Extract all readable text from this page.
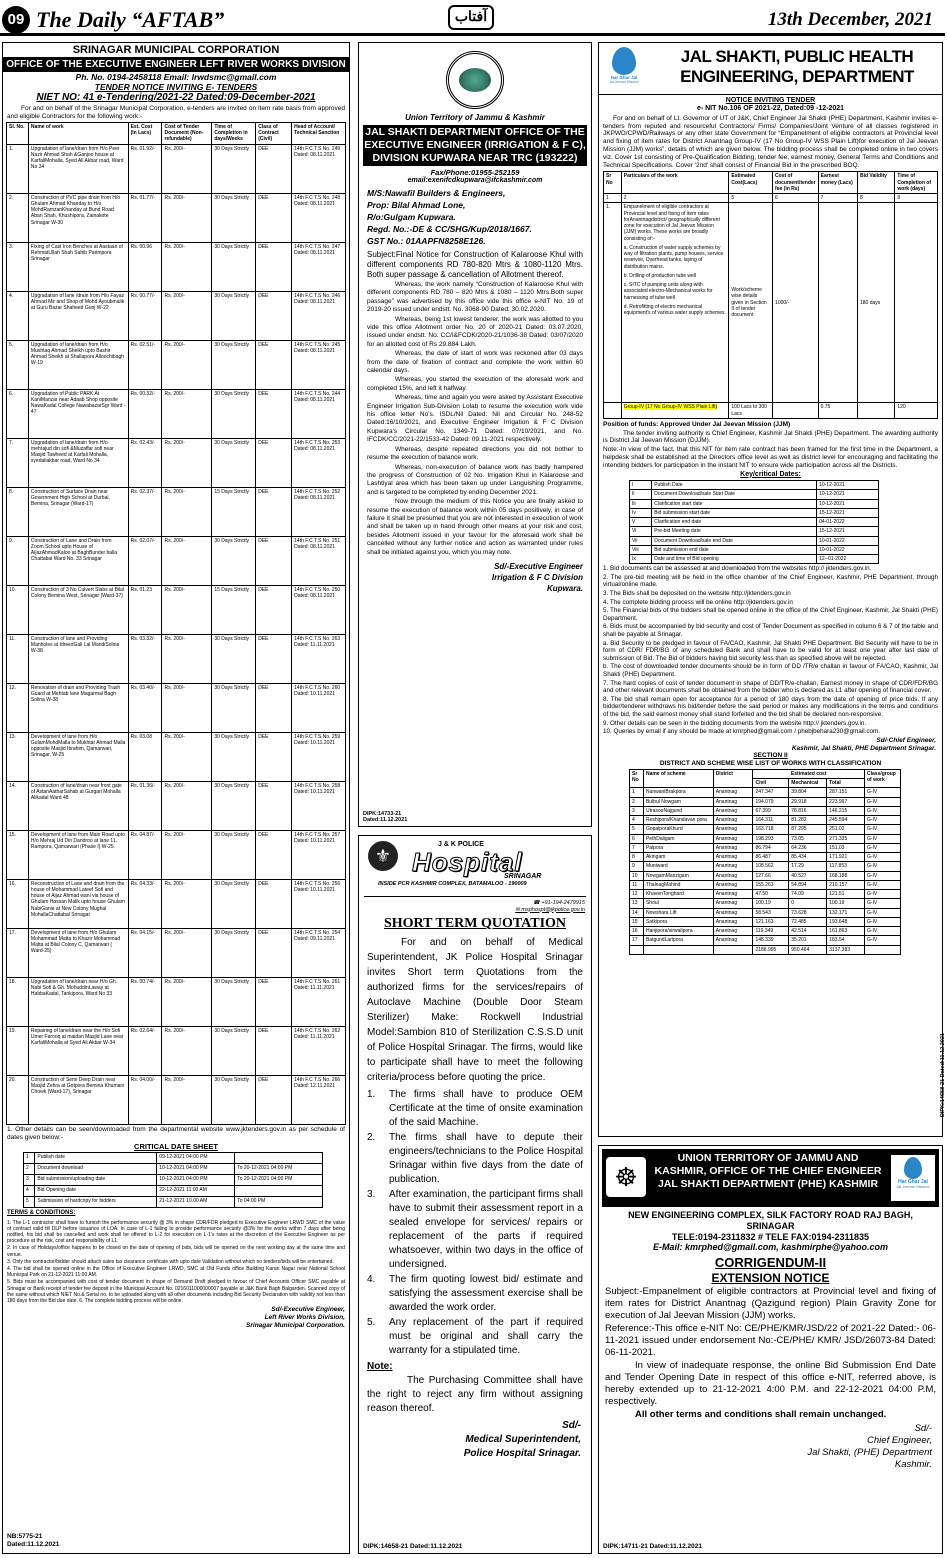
09 The Daily “AFTAB”	آفتاب	13th December, 2021
SRINAGAR MUNICIPAL CORPORATION
OFFICE OF THE EXECUTIVE ENGINEER LEFT RIVER WORKS DIVISION
Ph. No. 0194-2458118 Email: lrwdsmc@gmail.com
TENDER NOTICE INVITING E- TENDERS
NIET NO: 41 e-Tendering/2021-22 Dated:09-December-2021

For and on behalf of the Srinagar Municipal Corporation, e-tenders are invited on item rate basis from approved and eligible Contractors for the following work:-

Sl. No.	Name of work	Est. Cost (In Lacs)	Cost of Tender Document (Non-refundable)	Time of Completion in days/Weeks	Class of Contract (Civil)	Head of Account/ Technical Sanction
1.	Upgradation of lane/drain from H/o Peer Nazir Ahmad Shah &Ganjoo house at KarfaliMohalla, Syed Ali Akbar road, Ward No 34	Rs. 01.92/-	Rs. 200/-	30 Days Strictly	DEE	14th F.C T.S No. 249 Dated: 08.11.2021
2.	Construction of PVC pipe drain from H/o Ghulam Ahmad Khanday to H/o MohdRamzanKhanday at Bund Road Aban Shah, Khushipora, Zainakote Srinagar W-30	Rs. 01.77/-	Rs. 200/-	30 Days Strictly	DEE	14th F.C T.S No. 248 Dated: 08.11.2021
3.	Fixing of Cast Iron Benches at Aastaan of RehmatUllah Shah Sahib Parimpora Srinagar	Rs. 00.96	Rs. 200/-	30 Days Strictly	DEE	14th F.C T.S No. 247 Dated: 08.11.2021
4.	Upgradation of lane /drain from H/o Fayaz Ahmad Mir and Shop of Mohd Ayoubmalik at Guru Bazar Shaheed Gunj W-22	Rs. 00.77/-	Rs. 200/-	30 Days Strictly	DEE	14th F.C T.S No. 246 Dated: 08.11.2021
5.	Upgradation of lane/drain from H/o Mushtaq Ahmad Sheikh upto Bashir Ahmad Sheikh at Shallapora Alloochibagh W-19	Rs. 02.51/-	Rs. 200/-	30 Days Strictly	DEE	14th F.C T.S No. 245 Dated: 08.11.2021
6.	Upgradation of Public PARK At KaniManzar near Adaab Shop opposite NawaKadal College NawabazarSgr Ward - 47	Rs. 00.32/-	Rs. 200/-	30 Days Strictly	DEE	14th F.C T.S No. 244 Dated: 08.11.2021
7.	Upgradation of lane/drain from H/o mehrajud din sofi &Muzaffar sofi near Masjid Tawheed at Karfali Mohalla, syedaliakbar road, Ward No 34	Rs. 02.43/-	Rs. 200/-	30 Days Strictly	DEE	14th F.C T.S No. 253 Dated: 08.11.2021
8.	Construction of Surface Drain near Government High School at Durbal, Bemina, Srinagar (Ward-17)	Rs. 02.37/-	Rs. 200/-	15 Days Strictly	DEE	14th F.C T.S No. 252 Dated: 08.11.2021
9.	Construction of Lane and Drain from Zoom School upto House of AijazAhmadKaloo at BaghBunder balla Chattabal Ward No. 33 Srinagar	Rs. 02.07/-	Rs. 200/-	30 Days Strictly	DEE	14th F.C T.S No. 251 Dated: 08.11.2021
10.	Construction of 3 No Culvert Slabs at Bilal Colony Bemina West, Srinagar (Ward-37)	Rs. 01.23	Rs. 200/-	15 Days Strictly	DEE	14th F.C T.S No. 250 Dated: 08.11.2021
11.	Construction of lane and Providing Manholes at IdreesGali Lal MandiSolina W-38	Rs. 03.32/-	Rs. 200/-	30 Days Strictly	DEE	14th F.C T.S No. 263 Dated: 11.11.2021
12.	Renovation of drain and Providing Trash Guard at Mehtab lane Magarmal Bagh Solina W-38	Rs. 03.40/-	Rs. 200/-	30 Days Strictly	DEE	14th F.C T.S No. 260 Dated: 10.11.2021
13.	Development of lane from H/o GulamMohdMalla to Mukhtar Ahmad Malla opposite Masjid Ibrahim, Qamarwari, Srinagar, W-25	Rs. 03.08	Rs. 200/-	30 Days Strictly	DEE	14th F.C T.S No. 259 Dated: 10.11.2021
14.	Construction of lane/drain near front gate of AstanAatharSahab at Gurgari Mohalla Alikadal Ward 48	Rs. 01.36/-	Rs. 200/-	30 Days Strictly	DEE	14th F.C T.S No. 258 Dated: 10.11.2021
15.	Development of lane from Main Road upto H/o Mehraj Ud Din Dandroo at lane 11, Rampora, Qamarwari (Phase I) W-25.	Rs. 04.87/-	Rs. 200/-	30 Days Strictly	DEE	14th F.C T.S No. 257 Dated: 10.11.2021
16.	Reconstruction of Lane and drain from the house of Mohammad Lateef Sofi and house of Aijaz Ahmad wani via house of Ghulam Hassan Malik upto house Ghulam NabiGanie at New Colony Mughal MohallaChattabal Srinagar	Rs. 04.33/-	Rs. 200/-	30 Days Strictly	DEE	14th F.C T.S No. 256 Dated: 10.11.2021
17.	Development of lane from H/o Ghulam Mohammad Matta to Khazir Mohammad Matta at Bilal Colony C, Qamarwari ( Ward-25)	Rs. 04.15/-	Rs. 200/-	30 Days Strictly	DEE	14th F.C T.S No. 254 Dated: 09.11.2021
18.	Upgradation of lane/drain near H/o Gh. Nabi Sofi & Gh. MohuddinLaway at HabbaKadal, Tankipora, Ward No 33	Rs. 00.74/-	Rs. 200/-	30 Days Strictly	DEE	14th F.C T.S No. 261 Dated: 11.11.2021
19.	Repairing of lane/drain near the H/o Sofi Umer Farooq at maidan Masjid Lane near KarfaliMohalla at Syed Ali Akbar W-34	Rs. 02.64/-	Rs. 200/-	30 Days Strictly	DEE	14th F.C T.S No. 262 Dated: 11.11.2021
20.	Construction of Semi Deep Drain near Masjid Zehra at Gotpora Bemina Khumani Chowk (Ward-17), Srinagar	Rs. 04.00/-	Rs. 200/-	30 Days Strictly	DEE	14th F.C T.S No. 266 Dated: 12.11.2021

1. Other details can be seen/downloaded from the departmental website www.jktenders.gov.in as per schedule of dates given below:-

CRITICAL DATE SHEET
1	Publish date	09-12-2021 04:00 PM	
2	Document download	10-12-2021 04:00 PM	To 20-12-2021 04:00 PM
3	Bid submission/uploading date	10-12-2021 04:00 PM	To 20-12-2021 04:00 PM
4	Bid Opening date	22-12-2021 11:00 AM	
5	Submission of hardcopy for bidders	21-12-2021 10.00 AM	To 04:00 PM
TERMS & CONDITIONS:

1. The L-1 contractor shall have to furnish the performance security @ 3% in shape CDR/FDR pledged to Executive Engineer LRWD SMC of the value of contract valid till DLP before issuance of LOA. In case of L-1 failing to provide performance security @3% for the works within 7 days after being notified, his bid shall be cancelled and work shall be offered to L-2 for execution on L-1's rates at the discretion of the Executive Engineer as per procedure at the risk, cost and responsibility of L1.

2. In case of Holidays/office happens to be closed on the date of opening of bids, bids will be opened on the next working day at the same time and venue.

3. Only the contractor/bidder should attach sales tax clearance certificate with upto date Validation without which no tenders/bids will be entertained.

4. The bid shall be opened online in the Office of Executive Engineer LRWD, SMC at Old Funds office Building Karan Nagar near National School Municipal Park on 21-12-2021 11:00 AM.

5. Bids must be accompanied with cost of tender document in shape of Demand Draft pledged in favour of Chief Accounts Officer SMC payable at Srinagar or Bank receipt of tender fee deposit in the Municipal Account No. 0216011000000007 payable at J&K Bank Bagh Balgarden. Scanned copy of the same without which NIET No.& Serial no. to be uploaded along with all other documents including Bid Security Declaration with validity not less than 180 days from the Bid due date. 6. The complete bidding process will be online.

Sd/-Executive Engineer,
Left River Works Division,
Srinagar Municipal Corporation.
NB:5775-21
Dated:11.12.2021
Union Territory of Jammu & Kashmir
JAL SHAKTI DEPARTMENT OFFICE OF THE EXECUTIVE ENGINEER (IRRIGATION & F C), DIVISION KUPWARA NEAR TRC (193222)
Fax/Phone:01955-252159
email:exenifcdkupwara@ifckashmir.com
M/S:Nawafil Builders & Engineers,
Prop: Bilal Ahmad Lone,
R/o:Gulgam Kupwara.
Regd. No.:-DE & CC/SHG/Kup/2018/1667.
GST No.: 01AAPFN8258E126.

Subject:Final Notice for Construction of Kalaroose Khul with different components RD 780-820 Mtrs & 1080-1120 Mtrs. Both super passage & cancellation of Allotment thereof.

Whereas, the work namely “Construction of Kalaroose Khul with different components RD 780 – 820 Mtrs & 1080 – 1120 Mtrs.Both super passage” was advertised by this office vide this office e-NIT No. 19 of 2019-20 issued under endstt. No. 3068-90 Dated: 30.02.2020.

Whereas, being 1st lowest tenderer, the work was allotted to you vide this office Allotment order No. 20 of 2020-21 Dated: 03.07.2020, issued under endstt. No. CC/I&FCDK/2020-21/1036-38 Dated: 03/07/2020 for an allotted cost of Rs 29.884 Lakh.

Whereas, the date of start of work was reckoned after 03 days from the date of fixation of contract and complete the work within 60 calendar days.

Whereas, you started the execution of the aforesaid work and completed 15%, and left it halfway.

Whereas, time and again you were asked by Assistant Executive Engineer Irrigation Sub-Division Lolab to resume the execution work vide his office letter No's. ISDL/Nil Dated: Nil and Circular No. 248-52 Dated:16/10/2021, and Executive Engineer Irrigation & F C Division Kupwara's Circular No. 1349-71 Dated: 07/10/2021, and No. IFCDK/CC/2021-22/1533-42 Dated: 09.11-2021 respectively.

Whereas, despite repeated directions you did not bother to resume the execution of balance work.

Whereas, non-execution of balance work has badly hampered the progress of Construction of 02 No. Irrigation Khul in Kalaroose and Lashtiyal area which has been taken up under Languishing Programme, and is targeted to be completed by ending December 2021.

Now through the medium of this Notice you are finally asked to resume the execution of balance work within 05 days positively, in case of failure it shall be presumed that you are not interested in execution of work and shall be taken up in hand through other means at your risk and cost, besides Allotment issued in your favour for the aforesaid work shall be cancelled without any further notice and action as warranted under rules shall be initiated against you, which you may note.

Sd/-Executive Engineer
Irrigation & F C Division
Kupwara.
DIPK:14733-21
Dated:11.12.2021
⚜
J & K POLICE
Hospital
SRINAGAR
INSIDE PCR KASHMIR COMPLEX, BATAMALOO - 190009
☎ +91-194-2479915
✉ msphospt@jkpolice.gov.in
SHORT TERM QUOTATION

For and on behalf of Medical Superintendent, JK Police Hospital Srinagar invites Short term Quotations from the authorized firms for the services/repairs of Autoclave Machine (Double Door Steam Sterilizer) Make: Rockwell Industrial Model:Sambion 810 of Sterilization C.S.S.D unit of Police Hospital Srinagar. The firms, would like to participate shall have to meet the following criteria/process before quoting the price.

1.	The firms shall have to produce OEM Certificate at the time of onsite examination of the said Machine.
2.	The firms shall have to depute their engineers/technicians to the Police Hospital Srinagar within five days from the date of publication.
3.	After examination, the participant firms shall have to submit their assessment report in a sealed envelope for services/ repairs or replacement of the parts if required whatsoever, within two days in the office of undersigned.
4.	The firm quoting lowest bid/ estimate and satisfying the assessment exercise shall be awarded the work order.
5.	Any replacement of the part if required must be original and shall carry the warranty for a stipulated time.
Note:

The Purchasing Committee shall have the right to reject any firm without assigning reason thereof.

Sd/-
Medical Superintendent,
Police Hospital Srinagar.
DIPK:14658-21 Dated:11.12.2021
Har Ghar Jal
Jal Jeevan Mission
JAL SHAKTI, PUBLIC HEALTH ENGINEERING, DEPARTMENT
NOTICE INVITING TENDER
e- NIT No.106 OF 2021-22, Dated:09 -12-2021

For and on behalf of Lt. Governor of UT of J&K, Chief Engineer Jal Shakti (PHE) Department, Kashmir invites e-tenders from reputed and resourceful Contractors/ Firms/ Companies/Joint Venture of all classes registered in JKPWD/CPWD/Railways or any other state Government for “Empanelment of eligible contractors at Provincial level and fixing of item rates for District Anantnag Group-IV (17 No Group-IV WSS Plain Lift)for execution of Jal Jeevan Mission (JJM) works”, details of which are given below. The bidding process shall be completed online in two covers viz. Cover 1st consisting of Pre-Qualification Bidding, tender fee, earnest money, General Terms and Conditions and Technical Specifications. Cover '2nd' shall consist of Financial Bid in the prescribed BOQ.

Sr No	Particulars of the work	Estimated Cost(Lacs)	Cost of document/tender fee (in Rs)	Earnest money (Lacs)	Bid Validity	Time of Completion of work (days)
1	2	5	6	7	8	9
1.	Empanelment of eligible contractors at Provincial level and fixing of item rates forAnantnagdistrict/ geographically different zone for execution of Jal Jeevan Mission (JJM) works. These works are broadly consisting of:-
a. Construction of water supply schemes by way of filtration plants, pump houses, service reservoir, Overhead tanks, laying of distribution mains.
b. Drilling of production tube well
c. SITC of pumping units along-with associated electro-Mechanical works for harnessing of tube well
d. Retrofitting of electro mechanical equipment's of various water supply schemes.	Work/scheme wise details given in Section II of tender document	1000/-		180 days	
	Group-IV (17 No Group-IV WSS Plain Lift)	100 Lacs to 300 Lacs		0.75		120

Position of funds: Approved Under Jal Jeevan Mission (JJM)

The tender inviting authority is Chief Engineer, Kashmir Jal Shakti (PHE) Department. The awarding authority is District Jal Jeevan Mission (DJJM).

Note:-In view of the fact, that this NIT for item rate contract has been framed for the first time in the Department, a helpdesk shall be established at the Directors office level as well as district level for encouraging and facilitating the intending bidders for participation in the instant NIT to ensure wide participation across all the Districts.

Key/critical Dates:
I	Publish Date	10-12-2021
Ii	Document Download/sale Start Date	10-12-2021
Iii	Clarification start date	10-12-2021
Iv	Bid submission start date	15-12-2021
V	Clarification end date	04-01-2022
Vi	Pre-bid Meeting date	15-12-2021
Vii	Document Download/sale end Date	10-01-2022
Viii	Bid submission end date	10-01-2022
Ix	Date and time of Bid opening	12--01-2022

1. Bid documents can be assessed at and downloaded from the websites http:// jktenders.gov.in.

2. The pre-bid meeting will be held in the office chamber of the Chief Engineer, Kashmir, PHE Department, through virtual/online made.

3. The Bids shall be deposited on the website http://jktenders.gov.in

4. The complete bidding process will be online http://jktenders.gov.in

5. The Financial bids of the bidders shall be opened online in the office of the Chief Engineer, Kashmir, Jal Shakti (PHE) Department.

6. Bids must be accompanied by bid security and cost of Tender Document as specified in column 6 & 7 of the table and shall be payable at Srinagar.

a. Bid Security to be pledged in favour of FA/CAO, Kashmir, Jal Shakti PHE Department. Bid Security will have to be in form of CDR/ FDR/BG of any scheduled Bank and shall have to be valid for at least one year after last date of submission of Bid. The Bid of bidders having bid security less than as specified above will be rejected.

b. The cost of downloaded tender documents should be in form of DD /TR/e challan in favour of FA/CAO, Kashmir, Jal Shakti (PHE) Department.

7. The hard copies of cost of tender document in shape of DD/TR/e-challan, Earnest money in shape of CDR/FDR/BG and other relevant documents shall be obtained from the bidder who is declared as L1 after opening of financial cover.

8. The bid shall remain open for acceptance for a period of 180 days from the date of opening of price bids. If any bidder/tenderer withdraws his bid/tender before the said period or makes any modifications in the terms and conditions of the bid, the said earnest money shall stand forfeited and the bid shall be declared non-responsive.

9. Other details can be seen in the bidding documents from the website http:// jktenders.gov.in.

10. Queries by email if any should be made at kmrphed@gmail.com / phebjbehara230@gmail.com.

Sd/-Chief Engineer,
Kashmir, Jal Shakti, PHE Department Srinagar.
SECTION II
DISTRICT AND SCHEME WISE LIST OF WORKS WITH CLASSIFICATION
Sr No	Name of scheme	District	Estimated cost			Class/group of work
			Civil	Mechanical	Total	
1	NunwaniBrakpora	Anantnag	247.347	39.804	287.151	G-IV
2	Bulbul Nowgam	Anantnag	194.079	29.918	223.997	G-IV
3	UtrasooNajgund	Anantnag	67.399	78.816	146.215	G-IV
4	Reshipora/Khandavan pora	Anantnag	164.311	81.282	245.594	G-IV
5	GopalporaKhurd	Anantnag	163.718	87.295	251.02	G-IV
6	PethDaligam	Anantnag	198.293	73.05	271.335	G-IV
7	Palpora	Anantnag	86.794	64.236	151.03	G-IV
8	Akingam	Anantnag	86.487	85.434	171.921	G-IV
9	Muniward	Anantnag	108.562	17.29	117.853	G-IV
10	NowgamManzigam	Anantnag	127.66	40.527	168.188	G-IV
11	ThalnagMahind	Anantnag	155.263	54.894	210.157	G-IV
12	KhavenTonghard	Anantnag	47.50	74.09	121.51	G-IV
13	Shoul	Anantnag	100.19	0	100.19	G-IV
14	Nowshara Lift	Anantnag	58.543	73.628	132.171	G-IV
15	Satkipora	Anantnag	121.163	72.485	193.648	G-IV
16	Hanjipora/sirwalipora	Anantnag	119.349	42.514	161.863	G-IV
17	BatgundLaripora	Anantnag	148.339	35.201	183.54	G-IV
			2186.995	950.464	3137.383	
DIPK:14658-21 Dated:11.12.2021
☸
UNION TERRITORY OF JAMMU AND KASHMIR, OFFICE OF THE CHIEF ENGINEER JAL SHAKTI DEPARTMENT (PHE) KASHMIR	Har Ghar Jal
Jal Jeevan Mission
NEW ENGINEERING COMPLEX, SILK FACTORY ROAD RAJ BAGH,
SRINAGAR
TELE:0194-2311832 # TELE FAX:0194-2311835
E-Mail: kmrphed@gmail.com, kashmirphe@yahoo.com
CORRIGENDUM-II
EXTENSION NOTICE

Subject:-Empanelment of eligible contractors at Provincial level and fixing of item rates for District Anantnag (Qazigund region) Plain Gravity Zone for execution of Jal Jeevan Mission (JJM) works.

Reference:-This office e-NIT No: CE/PHE/KMR/JSD/22 of 2021-22 Dated:- 06-11-2021 issued under endorsement No:-CE/PHE/ KMR/ JSD/26073-84 Dated: 06-11-2021.

In view of inadequate response, the online Bid Submission End Date and Tender Opening Date in respect of this office e-NIT, referred above, is hereby extended up to 21-12-2021 4:00 P.M. and 22-12-2021 04:00 P.M, respectively.

All other terms and conditions shall remain unchanged.

Sd/-
Chief Engineer,
Jal Shakti, (PHE) Department
Kashmir.
DIPK:14711-21 Dated:11.12.2021
